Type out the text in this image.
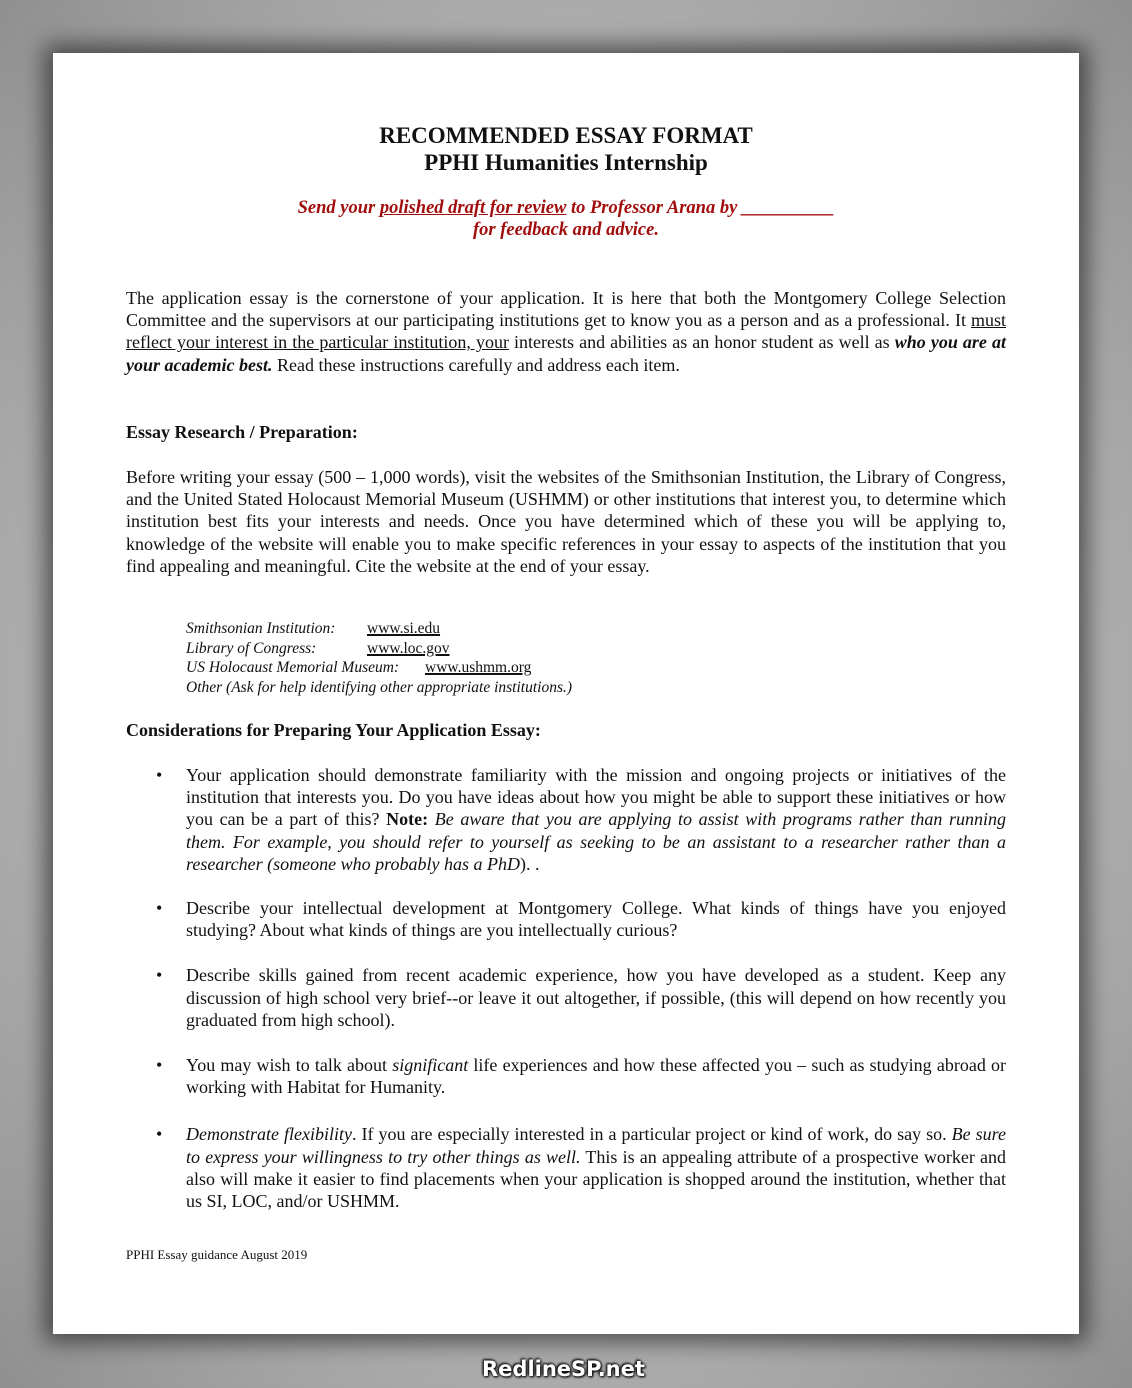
RECOMMENDED ESSAY FORMAT
PPHI Humanities Internship
Send your polished draft for review to Professor Arana by __________
for feedback and advice.

The application essay is the cornerstone of your application. It is here that both the Montgomery College Selection Committee and the supervisors at our participating institutions get to know you as a person and as a professional. It must reflect your interest in the particular institution, your interests and abilities as an honor student as well as who you are at your academic best. Read these instructions carefully and address each item.

Essay Research / Preparation:

Before writing your essay (500 – 1,000 words), visit the websites of the Smithsonian Institution, the Library of Congress, and the United Stated Holocaust Memorial Museum (USHMM) or other institutions that interest you, to determine which institution best fits your interests and needs. Once you have determined which of these you will be applying to, knowledge of the website will enable you to make specific references in your essay to aspects of the institution that you find appealing and meaningful. Cite the website at the end of your essay.

Smithsonian Institution: www.si.edu
Library of Congress:	www.loc.gov
US Holocaust Memorial Museum: www.ushmm.org
Other (Ask for help identifying other appropriate institutions.)
Considerations for Preparing Your Application Essay:
• Your application should demonstrate familiarity with the mission and ongoing projects or initiatives of the institution that interests you. Do you have ideas about how you might be able to support these initiatives or how you can be a part of this? Note: Be aware that you are applying to assist with programs rather than running them. For example, you should refer to yourself as seeking to be an assistant to a researcher rather than a researcher (someone who probably has a PhD). .
• Describe your intellectual development at Montgomery College. What kinds of things have you enjoyed studying? About what kinds of things are you intellectually curious?
• Describe skills gained from recent academic experience, how you have developed as a student. Keep any discussion of high school very brief--or leave it out altogether, if possible, (this will depend on how recently you graduated from high school).
• You may wish to talk about significant life experiences and how these affected you – such as studying abroad or working with Habitat for Humanity.
• Demonstrate flexibility. If you are especially interested in a particular project or kind of work, do say so. Be sure to express your willingness to try other things as well. This is an appealing attribute of a prospective worker and also will make it easier to find placements when your application is shopped around the institution, whether that us SI, LOC, and/or USHMM.
PPHI Essay guidance August 2019
RedlineSP.net
